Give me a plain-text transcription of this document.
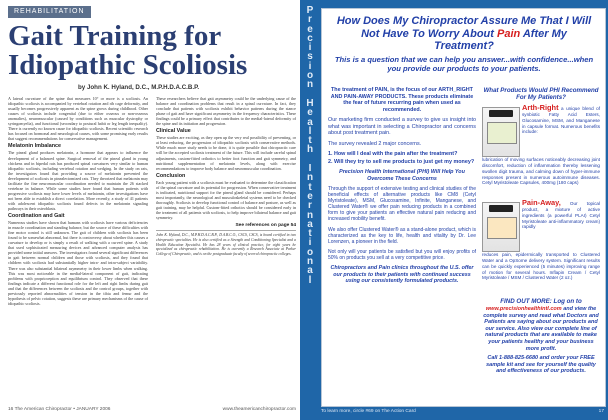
REHABILITATION
Gait Training for Idiopathic Scoliosis
by John K. Hyland, D.C., M.P.H.D.A.C.B.P.

A lateral curvature of the spine that measures 10° or more is a scoliosis. An idiopathic scoliosis is accompanied by vertebral rotation and rib cage deformity, and usually becomes progressively apparent as the spine grows during childhood. Other causes of scoliosis include congenital (due to either osseous or non-osseous anomalies), neuromuscular (caused by conditions such as muscular dystrophy or syringomyelia), and functional (secondary to postural habit or leg length inequality). There is currently no known cause for idiopathic scoliosis. Recent scientific research has focused on hormonal and neurological causes, with some promising early results that suggest recommendations for conservative management.

Melatonin Imbalance

The pineal gland produces melatonin, a hormone that appears to influence the development of a balanced spine. Surgical removal of the pineal gland in young chickens and in bipedal rats has produced spinal curvatures very similar to human idiopathic scoliosis, including vertebral rotation and wedging. In the study on rats, the investigators found that providing a source of melatonin prevented the development of scoliosis in pinealectomized rats. They theorized that melatonin may facilitate the fine neuromuscular coordination needed to maintain the 26 stacked vertebrae in balance. While some studies have found that human patients with progressive scoliosis may have lower levels of melatonin, other investigations have not been able to establish a direct correlation. More recently, a study of 41 patients with adolescent idiopathic scoliosis found defects in the melatonin signaling pathways in their osteoblasts.

Coordination and Gait

Numerous studies have shown that humans with scoliosis have various deficiencies in muscle coordination and standing balance, but the source of these difficulties with fine motor control is still unknown. The gait of children with scoliosis has been found to be somewhat abnormal, but there is controversy about whether this causes a curvature to develop or is simply a result of walking with a curved spine. A study that used sophisticated measuring devices and advanced computer analysis has provided some initial answers. The investigators found several significant differences in gait between normal children and those with scoliosis, and they found that children with scoliosis had substantially higher intra- and intra-subject variability. There was also substantial bilateral asymmetry in their lower limbs when walking. This was most noticeable in the medial-lateral component of gait, indicating problems with proprioception and equilibrium control. They observed that these findings indicate a different functional role for the left and right limbs during gait and that the differences between the scoliosis and the control groups, together with previously reported abnormalities of tension in the tibia and femur and the hypothesis of pelvic rotation, suggests these are primary mechanisms of the cause of idiopathic scoliosis.

These researchers believe that gait asymmetry could be the underlying cause of the balance and coordination problems that result in a spinal curvature. In fact, they conclude that patients with scoliosis exhibit behavior patterns during the stance phase of gait and have significant asymmetry in the frequency characteristics. These findings could be a primary effect that contributes to the medial-lateral deformity of the spine and its initiation and progression.

Clinical Value

These studies are exciting, as they open up the very real possibility of preventing, or at least reducing, the progression of idiopathic scoliosis with conservative methods. While much more study needs to be done, it is quite possible that chiropractic care will be the accepted scoliosis treatment of the future. This will include careful spinal adjustments, custom-fitted orthotics to better foot function and gait symmetry, and nutritional supplementation of melatonin levels, along with exercise recommendations to improve body balance and neuromuscular coordination.

Conclusion

Each young patient with a scoliosis must be evaluated to determine the classification of the spinal curvature and its potential for progression. When conservative treatment is indicated, nutritional support for the pineal gland should be considered. Perhaps most importantly, the neurological and musculoskeletal systems need to be checked thoroughly. Scoliosis to develop functional control of balance and posture, as well as gait training, may be helpful. Custom-fitted orthotics should be considered early in the treatment of all patients with scoliosis, to help improve bilateral balance and gait symmetry.

See references on page 54
John K. Hyland, D.C., M.P.H.D.A.C.B.P., D.A.B.C.O., CSCS, CSCS, is board certified in two chiropractic specialties. He is also certified as a Strength and Conditioning Specialist and a Health Education Specialist. He has 28 years of clinical practice, for eight years he specialized as chiropractic rehabilitation. He is currently a Research Associate at Parker College of Chiropractic, and is on the postgraduate faculty of several chiropractic colleges.
16 The American Chiropractor • JANUARY 2006	www.theamericanchiropractor.com
P
r
e
c
i
s
i
o
n

H
e
a
l
t
h

I
n
t
e
r
n
a
t
i
o
n
a
l
How Does My Chiropractor Assure Me That I Will Not Have To Worry About Pain After My Treatment?
This is a question that we can help you answer...with confidence...when you provide our products to your patients.

The treatment of PAIN, is the focus of our ARTH_RIGHT AND PAIN-AWAY PRODUCTS. These products eliminate the fear of future recurring pain when used as recommended.

Our marketing firm conducted a survey to give us insight into what was important in selecting a Chiropractor and concerns about post treatment pain.

The survey revealed 2 major concerns.

1. How will I deal with the pain after the treatment?
2. Will they try to sell me products to just get my money?

Precision Health International (PHI) Will Help You Overcome These Concerns

Through the support of extensive testing and clinical studies of the beneficial effects of alternative products like CM8 (Cetyl Myristoleate), MSM, Glucosamine, Infinite, Manganese, and Clustered Water® we offer pain reducing products in a combined form to give your patients an effective natural pain reducing and increased mobility benefit.

We also offer Clustered Water® as a stand-alone product, which is characterized as the key to life, health and vitality by Dr. Lee Lorenzen, a pioneer in the field.

Not only will your patients be satisfied but you will enjoy profits of 50% on products you sell at a very competitive price.

Chiropractors and Pain clinics throughout the U.S. offer our products to their patients with continued success using our consistently formulated products.

What Products Would PHI Recommend For My Patients?
Arth-Right a unique blend of synbiotic Fatty Acid Esters, Glucosamine, MSM, and Manganese in capsule format. Numerous benefits include:
lubrication of moving surfaces noticeably decreasing joint discomfort, reduction of inflammation thereby lessening swollen digit trauma, and calming down of hyper-immune responses present in numerous autoimmune diseases. Cetyl Myristoleate Capsules, 400mg (180 caps)
Pain-Away, Our topical product, a mixture of active ingredients (a powerful PLAI) Cetyl Myristoleate anti-inflammatory cream) rapidly
reduces pain, epidermically transported to Clustered Water and a OpSome delivery system. Significant results can be quickly experienced (5 minutes) improving range of motion for several hours. Inflapin Cream / Cetyl Myristoleate / MSM / Clustered Water (2 oz.)
FIND OUT MORE: Log on to www.precisionhealthintl.com and view the complete survey and read what Doctors and Patients are saying about our products and our service. Also view our complete line of natural products that are available to make your patients healthy and your business more profit.
Call 1-888-825-6680 and order your FREE sample kit and see for yourself the quality and effectiveness of our products.
To learn more, circle #69 on The Action Card	17
